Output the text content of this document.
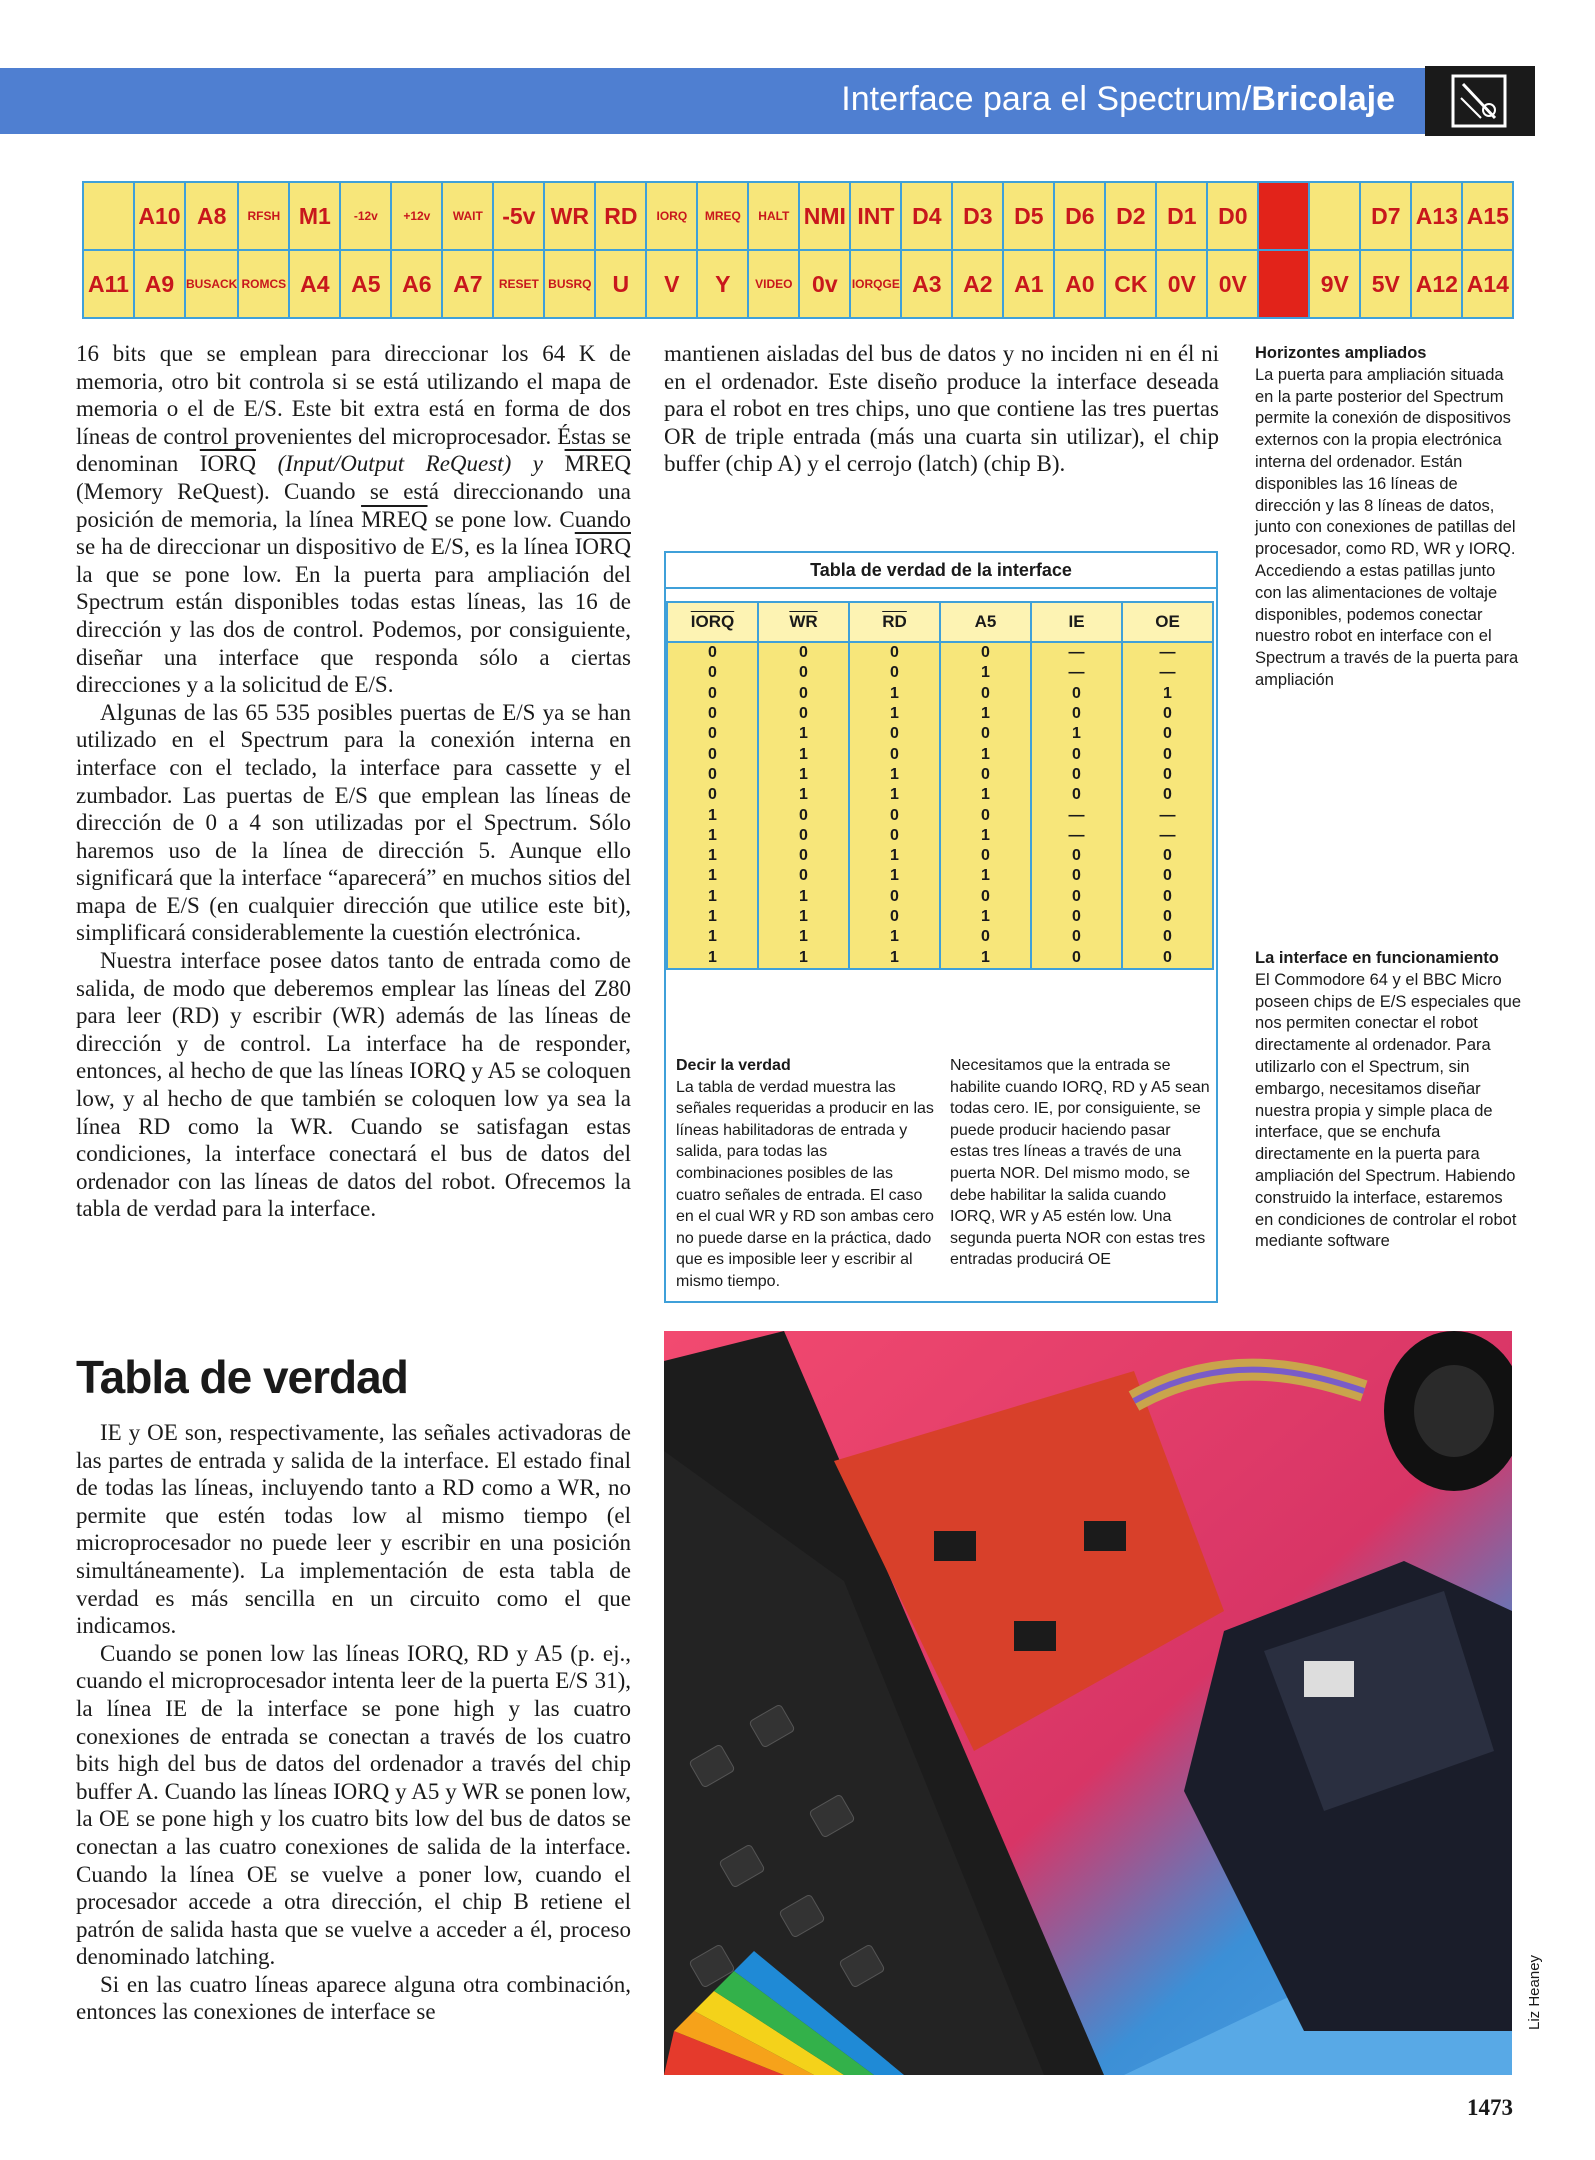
Interface para el Spectrum/Bricolaje
	A10	A8	RFSH	M1	-12v	+12v	WAIT	-5v	WR	RD	IORQ	MREQ	HALT	NMI	INT	D4	D3	D5	D6	D2	D1	D0			D7	A13	A15
A11	A9	BUSACK	ROMCS	A4	A5	A6	A7	RESET	BUSRQ	U	V	Y	VIDEO	0v	IORQGE	A3	A2	A1	A0	CK	0V	0V		9V	5V	A12	A14

16 bits que se emplean para direccionar los 64 K de memoria, otro bit controla si se está utilizando el mapa de memoria o el de E/S. Este bit extra está en forma de dos líneas de control provenientes del microprocesador. Éstas se denominan IORQ (Input/Output ReQuest) y MREQ (Memory ReQuest). Cuando se está direccionando una posición de memoria, la línea MREQ se pone low. Cuando se ha de direccionar un dispositivo de E/S, es la línea IORQ la que se pone low. En la puerta para ampliación del Spectrum están disponibles todas estas líneas, las 16 de dirección y las dos de control. Podemos, por consiguiente, diseñar una interface que responda sólo a ciertas direcciones y a la solicitud de E/S.

Algunas de las 65 535 posibles puertas de E/S ya se han utilizado en el Spectrum para la conexión interna en interface con el teclado, la interface para cassette y el zumbador. Las puertas de E/S que emplean las líneas de dirección de 0 a 4 son utilizadas por el Spectrum. Sólo haremos uso de la línea de dirección 5. Aunque ello significará que la interface “aparecerá” en muchos sitios del mapa de E/S (en cualquier dirección que utilice este bit), simplificará considerablemente la cuestión electrónica.

Nuestra interface posee datos tanto de entrada como de salida, de modo que deberemos emplear las líneas del Z80 para leer (RD) y escribir (WR) además de las líneas de dirección y de control. La interface ha de responder, entonces, al hecho de que las líneas IORQ y A5 se coloquen low, y al hecho de que también se coloquen low ya sea la línea RD como la WR. Cuando se satisfagan estas condiciones, la interface conectará el bus de datos del ordenador con las líneas de datos del robot. Ofrecemos la tabla de verdad para la interface.

Tabla de verdad

IE y OE son, respectivamente, las señales activadoras de las partes de entrada y salida de la interface. El estado final de todas las líneas, incluyendo tanto a RD como a WR, no permite que estén todas low al mismo tiempo (el microprocesador no puede leer y escribir en una posición simultáneamente). La implementación de esta tabla de verdad es más sencilla en un circuito como el que indicamos.

Cuando se ponen low las líneas IORQ, RD y A5 (p. ej., cuando el microprocesador intenta leer de la puerta E/S 31), la línea IE de la interface se pone high y las cuatro conexiones de entrada se conectan a través de los cuatro bits high del bus de datos del ordenador a través del chip buffer A. Cuando las líneas IORQ y A5 y WR se ponen low, la OE se pone high y los cuatro bits low del bus de datos se conectan a las cuatro conexiones de salida de la interface. Cuando la línea OE se vuelve a poner low, cuando el procesador accede a otra dirección, el chip B retiene el patrón de salida hasta que se vuelve a acceder a él, proceso denominado latching.

Si en las cuatro líneas aparece alguna otra combinación, entonces las conexiones de interface se

mantienen aisladas del bus de datos y no inciden ni en él ni en el ordenador. Este diseño produce la interface deseada para el robot en tres chips, uno que contiene las tres puertas OR de triple entrada (más una cuarta sin utilizar), el chip buffer (chip A) y el cerrojo (latch) (chip B).

Tabla de verdad de la interface
IORQ	$\overline{WR}$	$\overline{RD}$	A5	IE	OE
0	0	0	0	—	—
0	0	0	1	—	—
0	0	1	0	0	1
0	0	1	1	0	0
0	1	0	0	1	0
0	1	0	1	0	0
0	1	1	0	0	0
0	1	1	1	0	0
1	0	0	0	—	—
1	0	0	1	—	—
1	0	1	0	0	0
1	0	1	1	0	0
1	1	0	0	0	0
1	1	0	1	0	0
1	1	1	0	0	0
1	1	1	1	0	0
Decir la verdad
La tabla de verdad muestra las señales requeridas a producir en las líneas habilitadoras de entrada y salida, para todas las combinaciones posibles de las cuatro señales de entrada. El caso en el cual WR y RD son ambas cero no puede darse en la práctica, dado que es imposible leer y escribir al mismo tiempo.
Necesitamos que la entrada se habilite cuando IORQ, RD y A5 sean todas cero. IE, por consiguiente, se puede producir haciendo pasar estas tres líneas a través de una puerta NOR. Del mismo modo, se debe habilitar la salida cuando IORQ, WR y A5 estén low. Una segunda puerta NOR con estas tres entradas producirá OE
Horizontes ampliados
La puerta para ampliación situada en la parte posterior del Spectrum permite la conexión de dispositivos externos con la propia electrónica interna del ordenador. Están disponibles las 16 líneas de dirección y las 8 líneas de datos, junto con conexiones de patillas del procesador, como RD, WR y IORQ. Accediendo a estas patillas junto con las alimentaciones de voltaje disponibles, podemos conectar nuestro robot en interface con el Spectrum a través de la puerta para ampliación
La interface en funcionamiento
El Commodore 64 y el BBC Micro poseen chips de E/S especiales que nos permiten conectar el robot directamente al ordenador. Para utilizarlo con el Spectrum, sin embargo, necesitamos diseñar nuestra propia y simple placa de interface, que se enchufa directamente en la puerta para ampliación del Spectrum. Habiendo construido la interface, estaremos en condiciones de controlar el robot mediante software
Liz Heaney
1473
